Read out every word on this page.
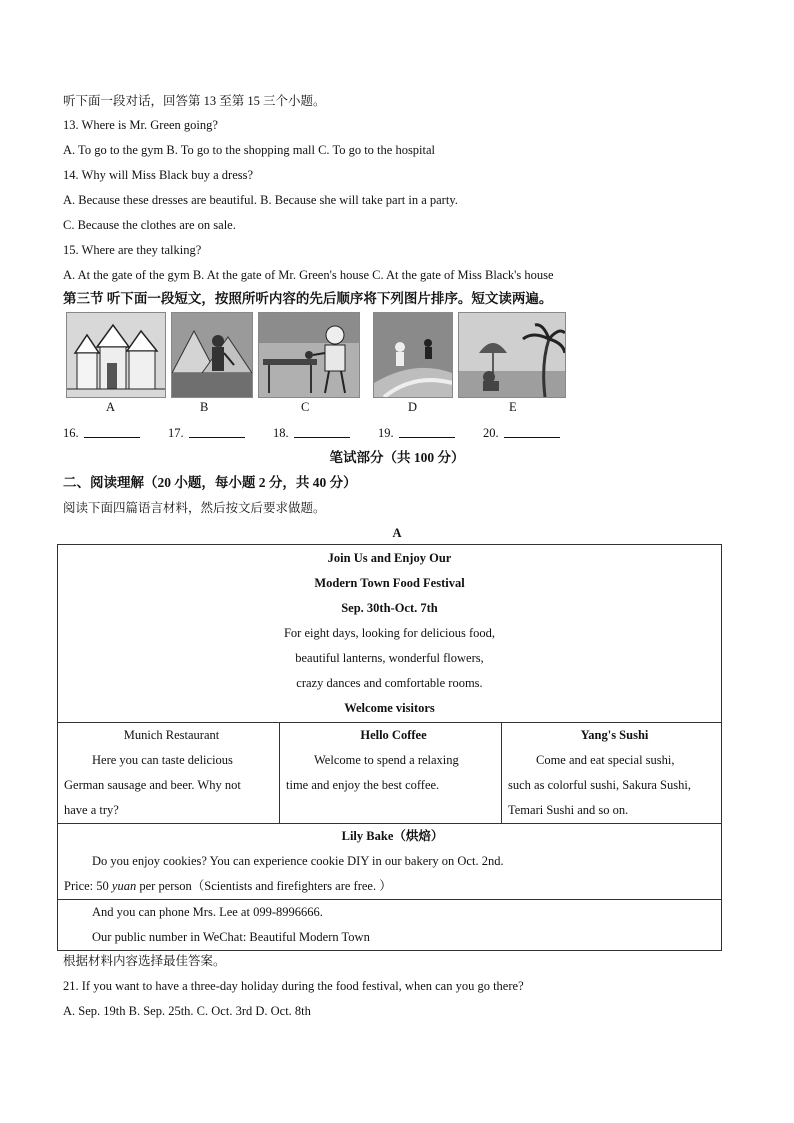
听下面一段对话，回答第 13 至第 15 三个小题。
13. Where is Mr. Green going?
A. To go to the gym B. To go to the shopping mall C. To go to the hospital
14. Why will Miss Black buy a dress?
A. Because these dresses are beautiful. B. Because she will take part in a party.
C. Because the clothes are on sale.
15. Where are they talking?
A. At the gate of the gym B. At the gate of Mr. Green's house C. At the gate of Miss Black's house
第三节 听下面一段短文，按照所听内容的先后顺序将下列图片排序。短文读两遍。
A	B	C	D	E
16.	17.	18.	19.	20.
笔试部分（共 100 分）
二、阅读理解（20 小题，每小题 2 分，共 40 分）
阅读下面四篇语言材料，然后按文后要求做题。
A
Join Us and Enjoy Our
Modern Town Food Festival
Sep. 30th-Oct. 7th
For eight days, looking for delicious food,
beautiful lanterns, wonderful flowers,
crazy dances and comfortable rooms.
Welcome visitors

Munich Restaurant
Here you can taste delicious
German sausage and beer. Why not
have a try?

Hello Coffee
Welcome to spend a relaxing
time and enjoy the best coffee.

Yang's Sushi
Come and eat special sushi,
such as colorful sushi, Sakura Sushi,
Temari Sushi and so on.

Lily Bake（烘焙）
Do you enjoy cookies? You can experience cookie DIY in our bakery on Oct. 2nd.
Price: 50 yuan per person（Scientists and firefighters are free. ）

And you can phone Mrs. Lee at 099-8996666.
Our public number in WeChat: Beautiful Modern Town
根据材料内容选择最佳答案。
21. If you want to have a three-day holiday during the food festival, when can you go there?
A. Sep. 19th B. Sep. 25th. C. Oct. 3rd D. Oct. 8th
